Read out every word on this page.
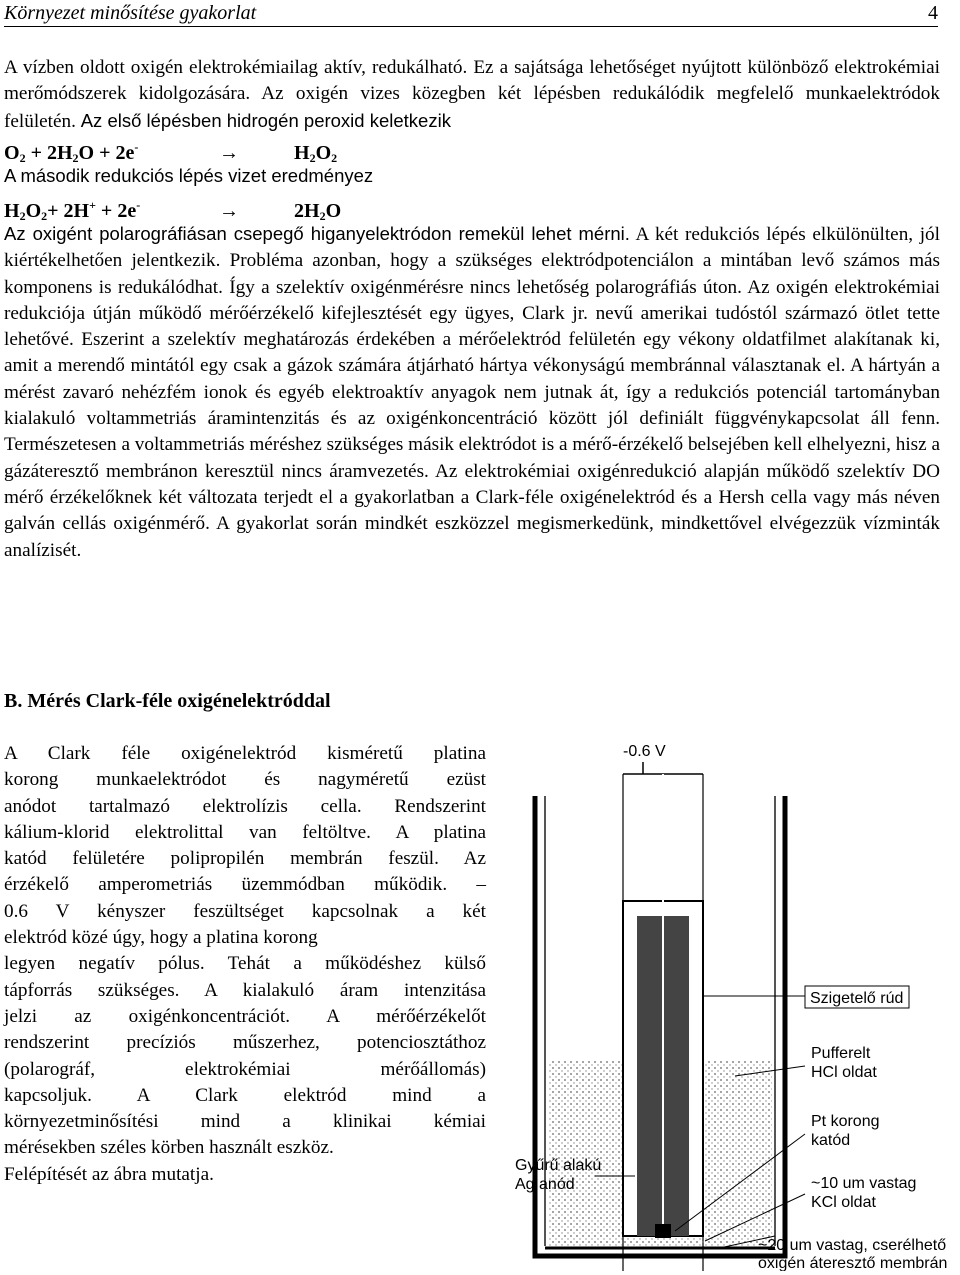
Környezet minősítése gyakorlat	4
A vízben oldott oxigén elektrokémiailag aktív, redukálható. Ez a sajátsága lehetőséget nyújtott különböző elektrokémiai merőmódszerek kidolgozására. Az oxigén vizes közegben két lépésben redukálódik megfelelő munkaelektródok felületén. Az első lépésben hidrogén peroxid keletkezik
$O_2 + 2H_2O + 2e^-$	→	$H_2O_2$
A második redukciós lépés vizet eredményez
$H_2O_2+ 2H^+ + 2e^-$	→	$2H_2O$
Az oxigént polarográfiásan csepegő higanyelektródon remekül lehet mérni. A két redukciós lépés elkülönülten, jól kiértékelhetően jelentkezik. Probléma azonban, hogy a szükséges elektródpotenciálon a mintában levő számos más komponens is redukálódhat. Így a szelektív oxigénmérésre nincs lehetőség polarográfiás úton. Az oxigén elektrokémiai redukciója útján működő mérőérzékelő kifejlesztését egy ügyes, Clark jr. nevű amerikai tudóstól származó ötlet tette lehetővé. Eszerint a szelektív meghatározás érdekében a mérőelektród felületén egy vékony oldatfilmet alakítanak ki, amit a merendő mintától egy csak a gázok számára átjárható hártya vékonyságú membránnal választanak el. A hártyán a mérést zavaró nehézfém ionok és egyéb elektroaktív anyagok nem jutnak át, így a redukciós potenciál tartományban kialakuló voltammetriás áramintenzitás és az oxigénkoncentráció között jól definiált függvénykapcsolat áll fenn. Természetesen a voltammetriás méréshez szükséges másik elektródot is a mérő-érzékelő belsejében kell elhelyezni, hisz a gázáteresztő membránon keresztül nincs áramvezetés. Az elektrokémiai oxigénredukció alapján működő szelektív DO mérő érzékelőknek két változata terjedt el a gyakorlatban a Clark-féle oxigénelektród és a Hersh cella vagy más néven galván cellás oxigénmérő. A gyakorlat során mindkét eszközzel megismerkedünk, mindkettővel elvégezzük vízminták analízisét.
B. Mérés Clark-féle oxigénelektróddal
A Clark féle oxigénelektród kisméretű platina
korong munkaelektródot és nagyméretű ezüst
anódot tartalmazó elektrolízis cella. Rendszerint
kálium-klorid elektrolittal van feltöltve. A platina
katód felületére polipropilén membrán feszül. Az
érzékelő amperometriás üzemmódban működik. –
0.6 V kényszer feszültséget kapcsolnak a két
elektród közé úgy, hogy a platina korong
legyen negatív pólus. Tehát a működéshez külső
tápforrás szükséges. A kialakuló áram intenzitása
jelzi az oxigénkoncentrációt. A mérőérzékelőt
rendszerint precíziós műszerhez, potenciosztáthoz
(polarográf, elektrokémiai mérőállomás)
kapcsoljuk. A Clark elektród mind a
környezetminősítési mind a klinikai kémiai
mérésekben széles körben használt eszköz.
Felépítését az ábra mutatja.
-0.6 V
Szigetelő rúd
Pufferelt
HCl oldat
Pt korong
katód
Gyűrű alakú
Ag anód	~10 um vastag
KCl oldat
~20 um vastag, cserélhető
oxigén áteresztő membrán
